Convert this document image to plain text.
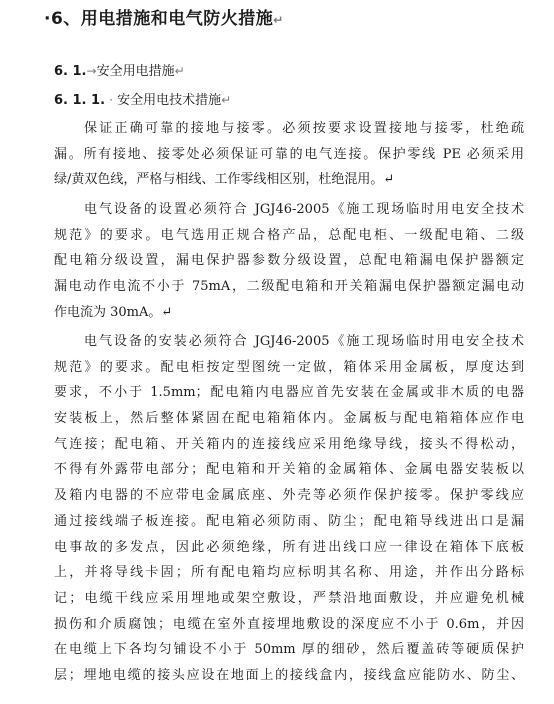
·6、用电措施和电气防火措施↵
6. 1.→安全用电措施↵
6. 1. 1. · 安全用电技术措施↵
保证正确可靠的接地与接零。必须按要求设置接地与接零，杜绝疏
漏。所有接地、接零处必须保证可靠的电气连接。保护零线 PE 必须采用
绿/黄双色线，严格与相线、工作零线相区别，杜绝混用。↵
电气设备的设置必须符合 JGJ46-2005《施工现场临时用电安全技术
规范》的要求。电气选用正规合格产品，总配电柜、一级配电箱、二级
配电箱分级设置，漏电保护器参数分级设置，总配电箱漏电保护器额定
漏电动作电流不小于 75mA，二级配电箱和开关箱漏电保护器额定漏电动
作电流为 30mA。↵
电气设备的安装必须符合 JGJ46-2005《施工现场临时用电安全技术
规范》的要求。配电柜按定型图统一定做，箱体采用金属板，厚度达到
要求，不小于 1.5mm；配电箱内电器应首先安装在金属或非木质的电器
安装板上，然后整体紧固在配电箱箱体内。金属板与配电箱箱体应作电
气连接；配电箱、开关箱内的连接线应采用绝缘导线，接头不得松动，
不得有外露带电部分；配电箱和开关箱的金属箱体、金属电器安装板以
及箱内电器的不应带电金属底座、外壳等必须作保护接零。保护零线应
通过接线端子板连接。配电箱必须防雨、防尘；配电箱导线进出口是漏
电事故的多发点，因此必须绝缘，所有进出线口应一律设在箱体下底板
上，并将导线卡固；所有配电箱均应标明其名称、用途，并作出分路标
记；电缆干线应采用埋地或架空敷设，严禁沿地面敷设，并应避免机械
损伤和介质腐蚀；电缆在室外直接埋地敷设的深度应不小于 0.6m，并因
在电缆上下各均匀铺设不小于 50mm 厚的细砂，然后覆盖砖等硬质保护
层；埋地电缆的接头应设在地面上的接线盒内，接线盒应能防水、防尘、
